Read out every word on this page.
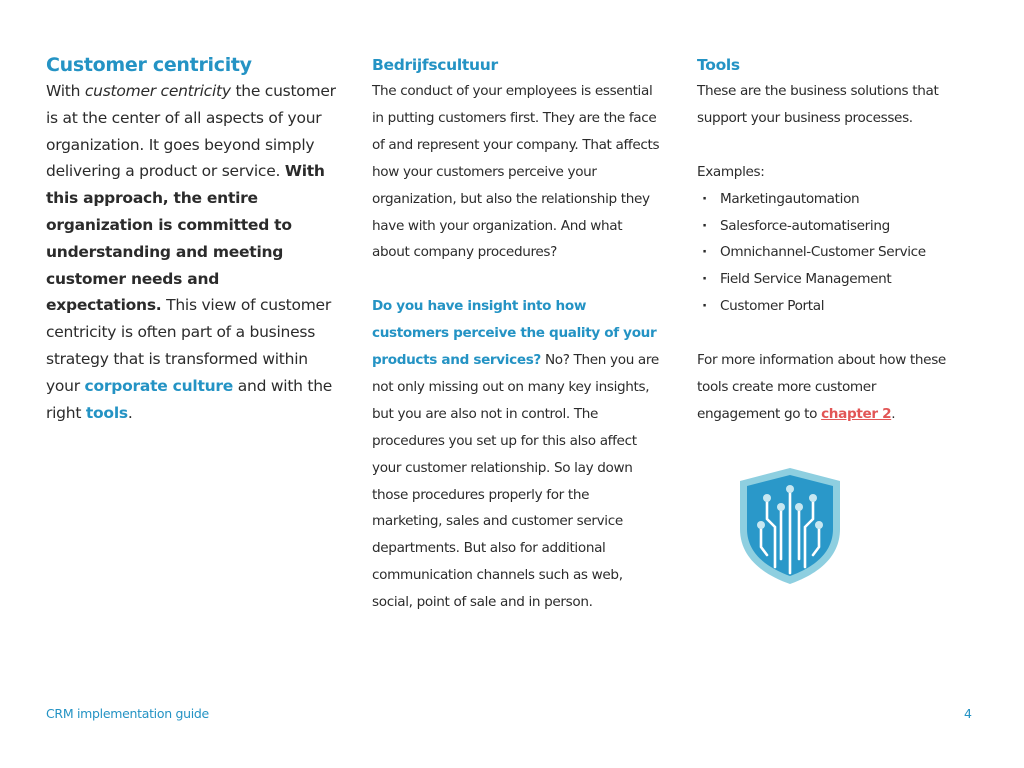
Customer centricity

With customer centricity the customer is at the center of all aspects of your organization. It goes beyond simply delivering a product or service. With this approach, the entire organization is committed to understanding and meeting customer needs and expectations. This view of customer centricity is often part of a business strategy that is transformed within your corporate culture and with the right tools.

Bedrijfscultuur

The conduct of your employees is essential in putting customers first. They are the face of and represent your company. That affects how your customers perceive your organization, but also the relationship they have with your organization. And what about company procedures?

Do you have insight into how customers perceive the quality of your products and services? No? Then you are not only missing out on many key insights, but you are also not in control. The procedures you set up for this also affect your customer relationship. So lay down those procedures properly for the marketing, sales and customer service departments. But also for additional communication channels such as web, social, point of sale and in person.

Tools

These are the business solutions that support your business processes.

Examples:

· Marketingautomation
· Salesforce-automatisering
· Omnichannel-Customer Service
· Field Service Management
· Customer Portal

For more information about how these tools create more customer engagement go to chapter 2.

CRM implementation guide	4
